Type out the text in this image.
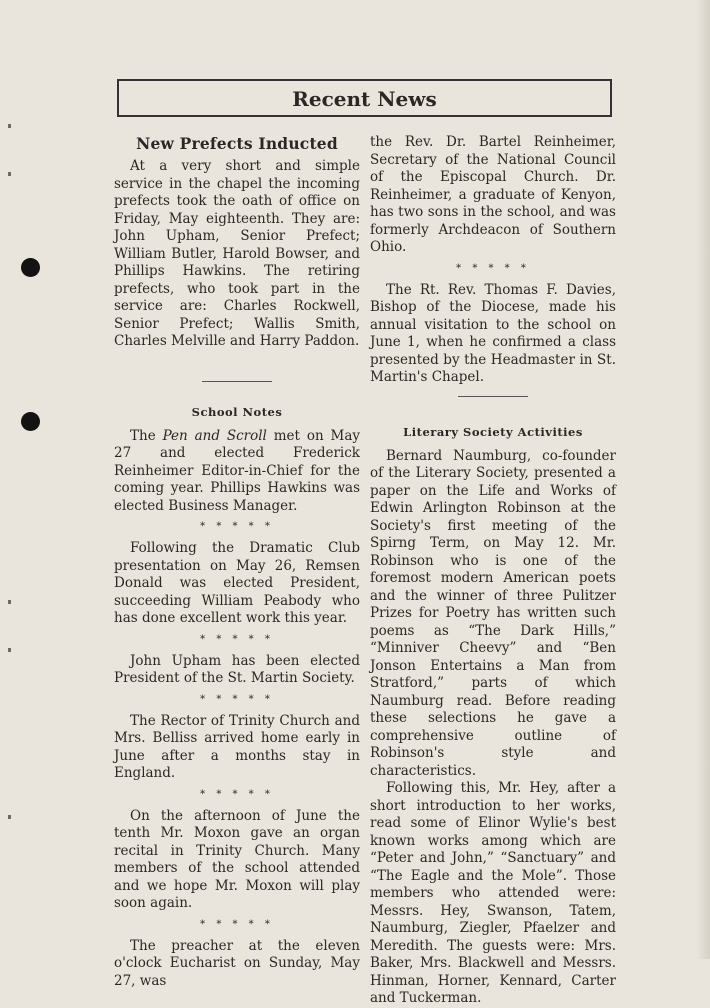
Recent News
New Prefects Inducted

At a very short and simple service in the chapel the incoming prefects took the oath of office on Friday, May eighteenth. They are: John Upham, Senior Prefect; William Butler, Harold Bowser, and Phillips Hawkins. The retiring prefects, who took part in the service are: Charles Rockwell, Senior Prefect; Wallis Smith, Charles Melville and Harry Paddon.

School Notes

The Pen and Scroll met on May 27 and elected Frederick Reinheimer Editor-in-Chief for the coming year. Phillips Hawkins was elected Business Manager.

* * * * *

Following the Dramatic Club presentation on May 26, Remsen Donald was elected President, succeeding William Peabody who has done excellent work this year.

* * * * *

John Upham has been elected President of the St. Martin Society.

* * * * *

The Rector of Trinity Church and Mrs. Belliss arrived home early in June after a months stay in England.

* * * * *

On the afternoon of June the tenth Mr. Moxon gave an organ recital in Trinity Church. Many members of the school attended and we hope Mr. Moxon will play soon again.

* * * * *

The preacher at the eleven o'clock Eucharist on Sunday, May 27, was

the Rev. Dr. Bartel Reinheimer, Secretary of the National Council of the Episcopal Church. Dr. Reinheimer, a graduate of Kenyon, has two sons in the school, and was formerly Archdeacon of Southern Ohio.

* * * * *

The Rt. Rev. Thomas F. Davies, Bishop of the Diocese, made his annual visitation to the school on June 1, when he confirmed a class presented by the Headmaster in St. Martin's Chapel.

Literary Society Activities

Bernard Naumburg, co-founder of the Literary Society, presented a paper on the Life and Works of Edwin Arlington Robinson at the Society's first meeting of the Spirng Term, on May 12. Mr. Robinson who is one of the foremost modern American poets and the winner of three Pulitzer Prizes for Poetry has written such poems as “The Dark Hills,” “Minniver Cheevy” and “Ben Jonson Entertains a Man from Stratford,” parts of which Naumburg read. Before reading these selections he gave a comprehensive outline of Robinson's style and characteristics.

Following this, Mr. Hey, after a short introduction to her works, read some of Elinor Wylie's best known works among which are “Peter and John,” “Sanctuary” and “The Eagle and the Mole”. Those members who attended were: Messrs. Hey, Swanson, Tatem, Naumburg, Ziegler, Pfaelzer and Meredith. The guests were: Mrs. Baker, Mrs. Blackwell and Messrs. Hinman, Horner, Kennard, Carter and Tuckerman.
